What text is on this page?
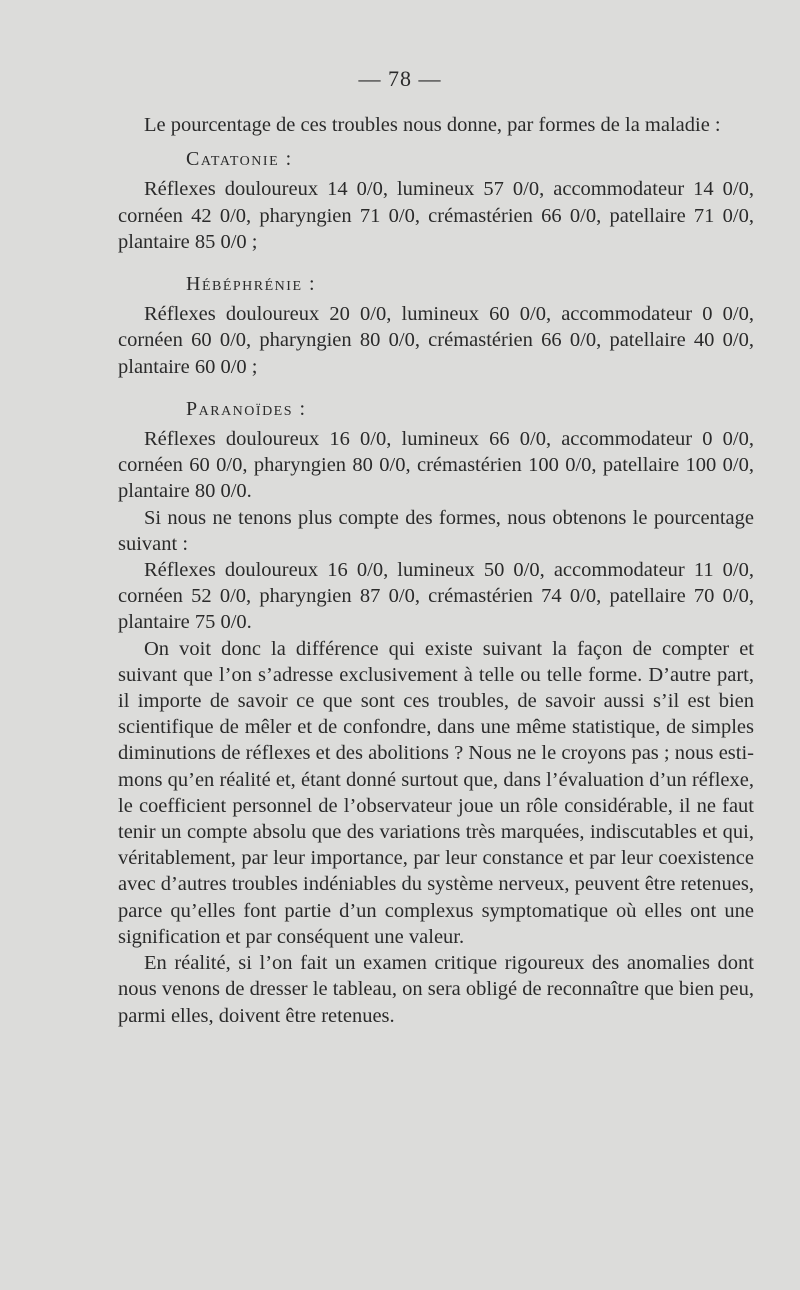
— 78 —

Le pourcentage de ces troubles nous donne, par formes de la maladie :

Catatonie :

Réflexes douloureux 14 0/0, lumineux 57 0/0, accommodateur 14 0/0, cornéen 42 0/0, pharyngien 71 0/0, crémastérien 66 0/0, patellaire 71 0/0, plantaire 85 0/0 ;

Hébéphrénie :

Réflexes douloureux 20 0/0, lumineux 60 0/0, accommodateur 0 0/0, cornéen 60 0/0, pharyngien 80 0/0, crémastérien 66 0/0, patellaire 40 0/0, plantaire 60 0/0 ;

Paranoïdes :

Réflexes douloureux 16 0/0, lumineux 66 0/0, accommodateur 0 0/0, cornéen 60 0/0, pharyngien 80 0/0, crémastérien 100 0/0, patellaire 100 0/0, plantaire 80 0/0.

Si nous ne tenons plus compte des formes, nous obtenons le pourcentage suivant :

Réflexes douloureux 16 0/0, lumineux 50 0/0, accommodateur 11 0/0, cornéen 52 0/0, pharyngien 87 0/0, crémastérien 74 0/0, patellaire 70 0/0, plantaire 75 0/0.

On voit donc la différence qui existe suivant la façon de compter et suivant que l’on s’adresse exclusivement à telle ou telle forme. D’autre part, il importe de savoir ce que sont ces troubles, de savoir aussi s’il est bien scientifique de mêler et de confondre, dans une même statistique, de simples diminutions de réflexes et des abolitions ? Nous ne le croyons pas ; nous estimons qu’en réalité et, étant donné surtout que, dans l’évaluation d’un réflexe, le coefficient personnel de l’observateur joue un rôle considérable, il ne faut tenir un compte absolu que des variations très marquées, indiscutables et qui, véritablement, par leur importance, par leur constance et par leur coexistence avec d’autres troubles indéniables du système nerveux, peuvent être retenues, parce qu’elles font partie d’un complexus symptomatique où elles ont une signification et par conséquent une valeur.

En réalité, si l’on fait un examen critique rigoureux des anomalies dont nous venons de dresser le tableau, on sera obligé de reconnaître que bien peu, parmi elles, doivent être retenues.
